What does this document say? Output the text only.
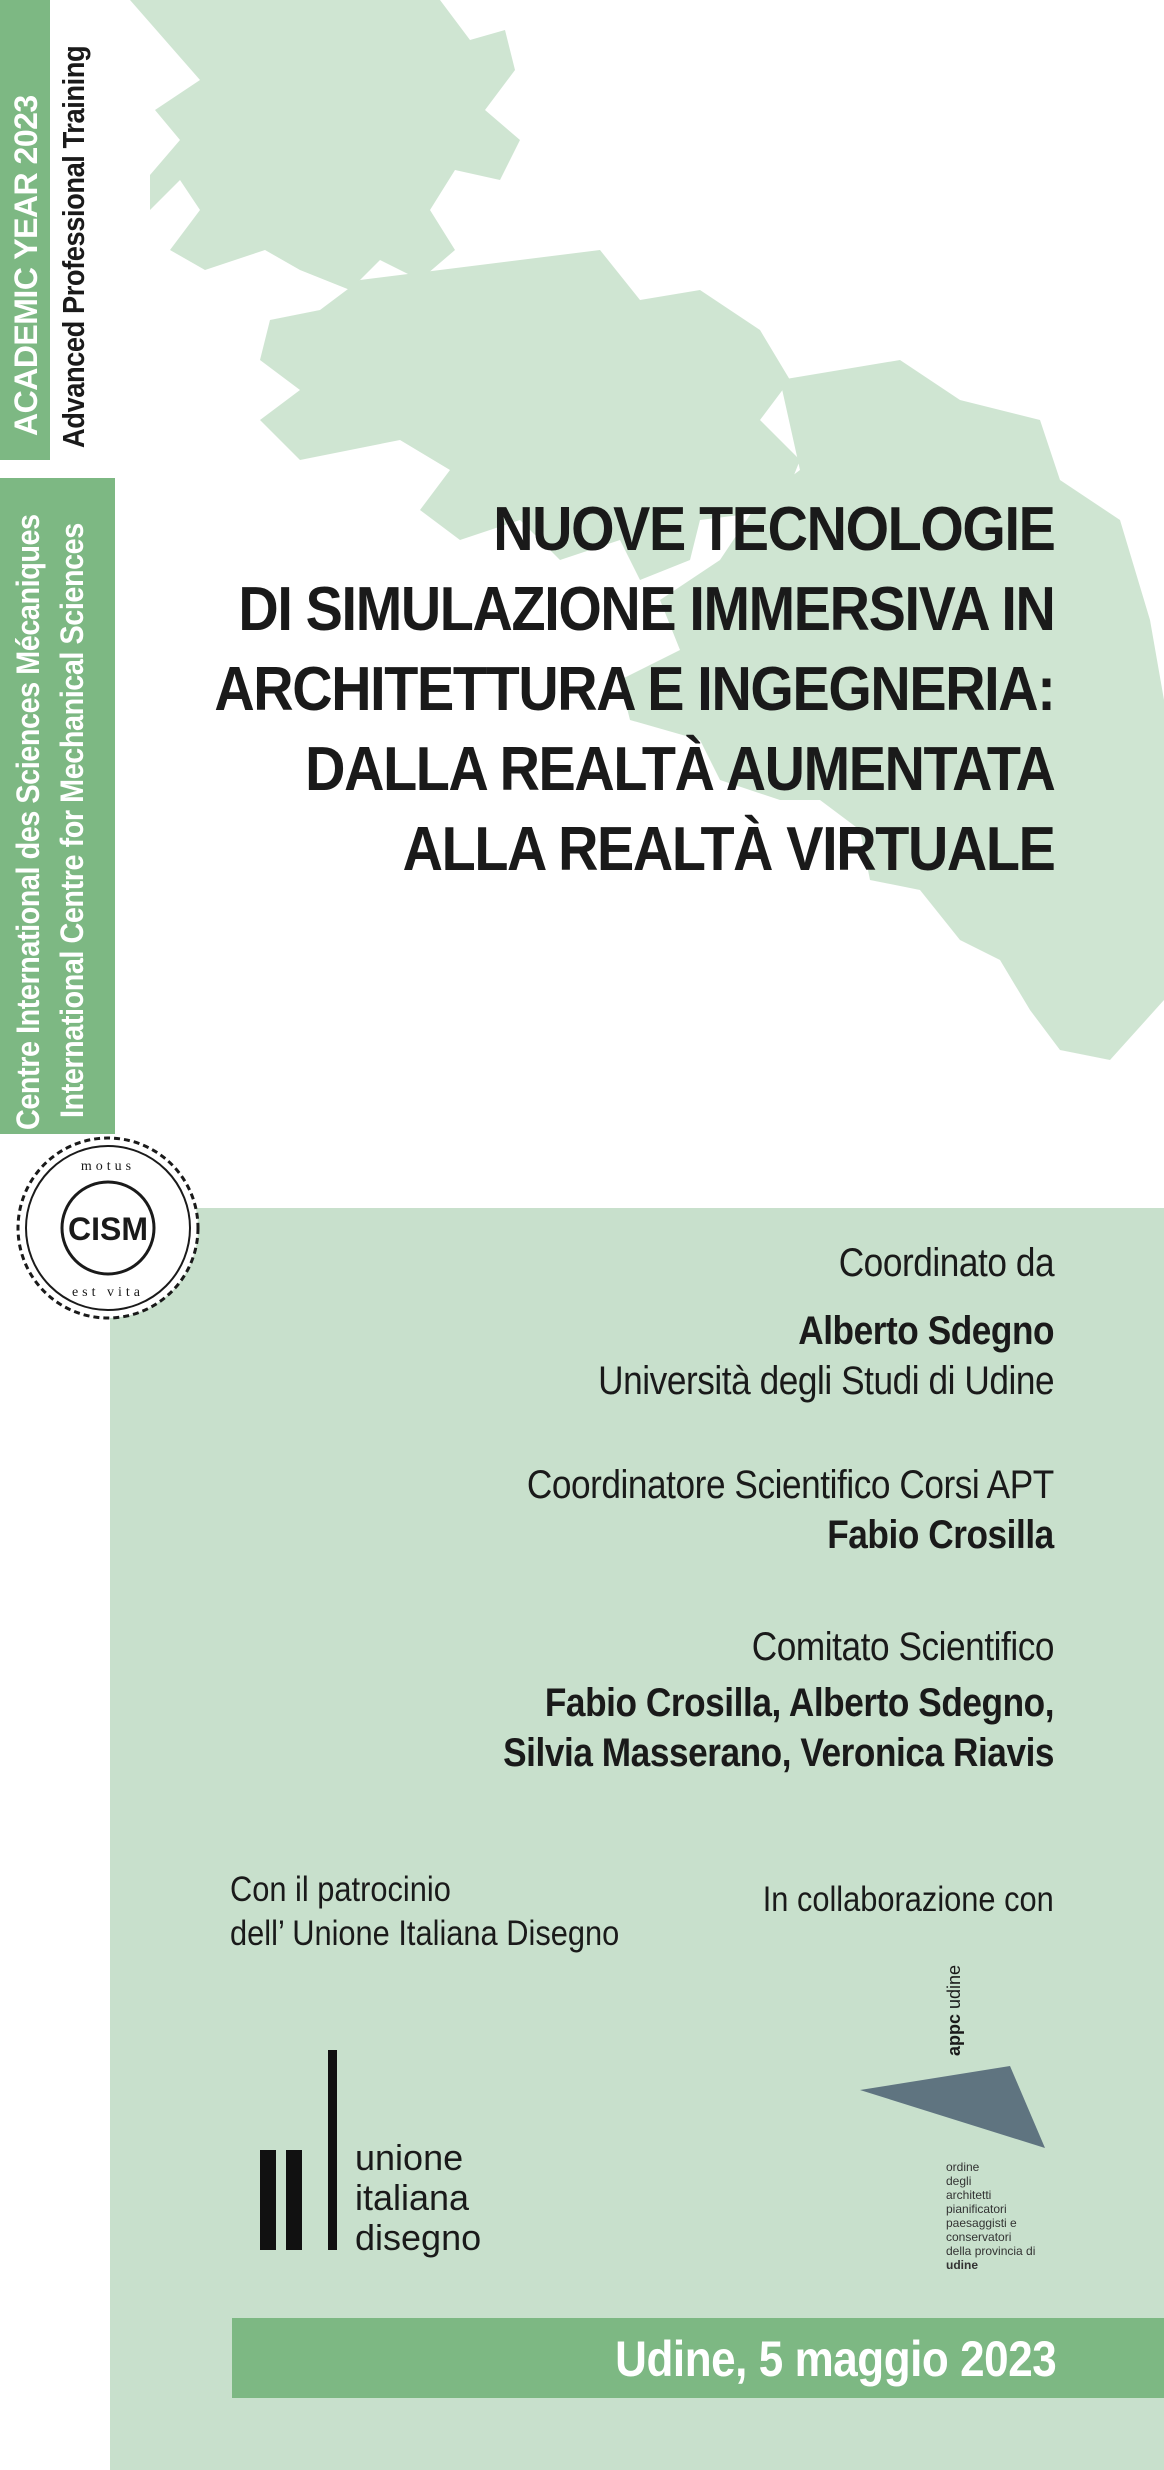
ACADEMIC YEAR 2023 Advanced Professional Training
Centre International des Sciences Mécaniques International Centre for Mechanical Sciences
CISM
motus
est vita
NUOVE TECNOLOGIE
DI SIMULAZIONE IMMERSIVA IN
ARCHITETTURA E INGEGNERIA:
DALLA REALTÀ AUMENTATA
ALLA REALTÀ VIRTUALE
Coordinato da
Alberto Sdegno
Università degli Studi di Udine
Coordinatore Scientifico Corsi APT
Fabio Crosilla
Comitato Scientifico
Fabio Crosilla, Alberto Sdegno,
Silvia Masserano, Veronica Riavis
Con il patrocinio
dell’ Unione Italiana Disegno
In collaborazione con
unione
italiana
disegno
appc udine
ordine
degli
architetti
pianificatori
paesaggisti e
conservatori
della provincia di
udine
Udine, 5 maggio 2023
